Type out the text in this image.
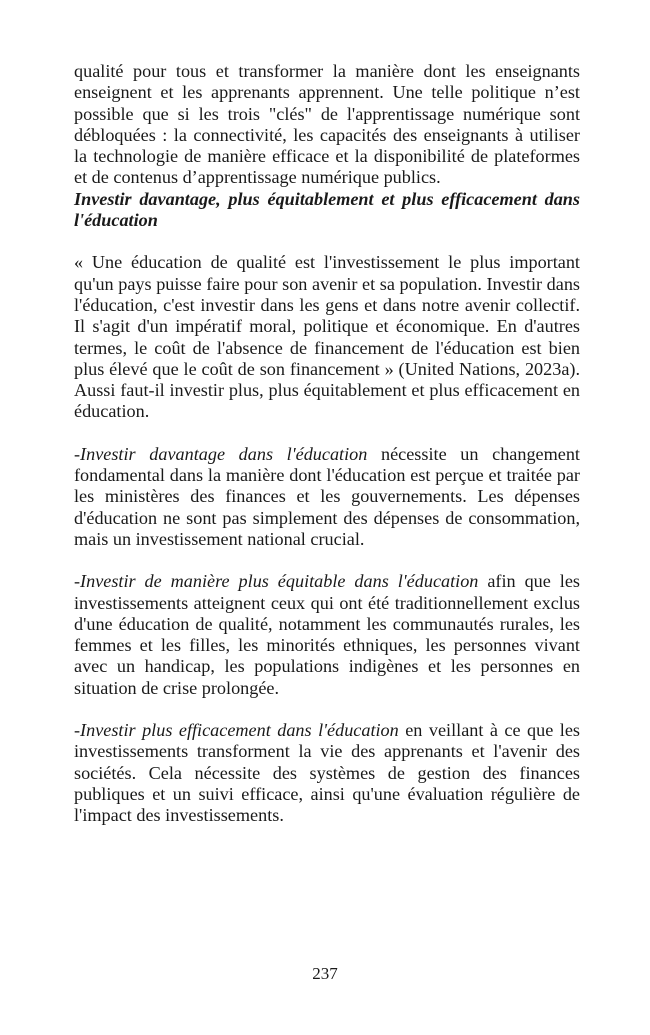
qualité pour tous et transformer la manière dont les enseignants enseignent et les apprenants apprennent. Une telle politique n’est possible que si les trois "clés" de l'apprentissage numérique sont débloquées : la connectivité, les capacités des enseignants à utiliser la technologie de manière efficace et la disponibilité de plateformes et de contenus d’apprentissage numérique publics.

Investir davantage, plus équitablement et plus efficacement dans l'éducation

« Une éducation de qualité est l'investissement le plus important qu'un pays puisse faire pour son avenir et sa population. Investir dans l'éducation, c'est investir dans les gens et dans notre avenir collectif. Il s'agit d'un impératif moral, politique et économique. En d'autres termes, le coût de l'absence de financement de l'éducation est bien plus élevé que le coût de son financement » (United Nations, 2023a). Aussi faut-il investir plus, plus équitablement et plus efficacement en éducation.

-Investir davantage dans l'éducation nécessite un changement fondamental dans la manière dont l'éducation est perçue et traitée par les ministères des finances et les gouvernements. Les dépenses d'éducation ne sont pas simplement des dépenses de consommation, mais un investissement national crucial.

-Investir de manière plus équitable dans l'éducation afin que les investissements atteignent ceux qui ont été traditionnellement exclus d'une éducation de qualité, notamment les communautés rurales, les femmes et les filles, les minorités ethniques, les personnes vivant avec un handicap, les populations indigènes et les personnes en situation de crise prolongée.

-Investir plus efficacement dans l'éducation en veillant à ce que les investissements transforment la vie des apprenants et l'avenir des sociétés. Cela nécessite des systèmes de gestion des finances publiques et un suivi efficace, ainsi qu'une évaluation régulière de l'impact des investissements.

237
